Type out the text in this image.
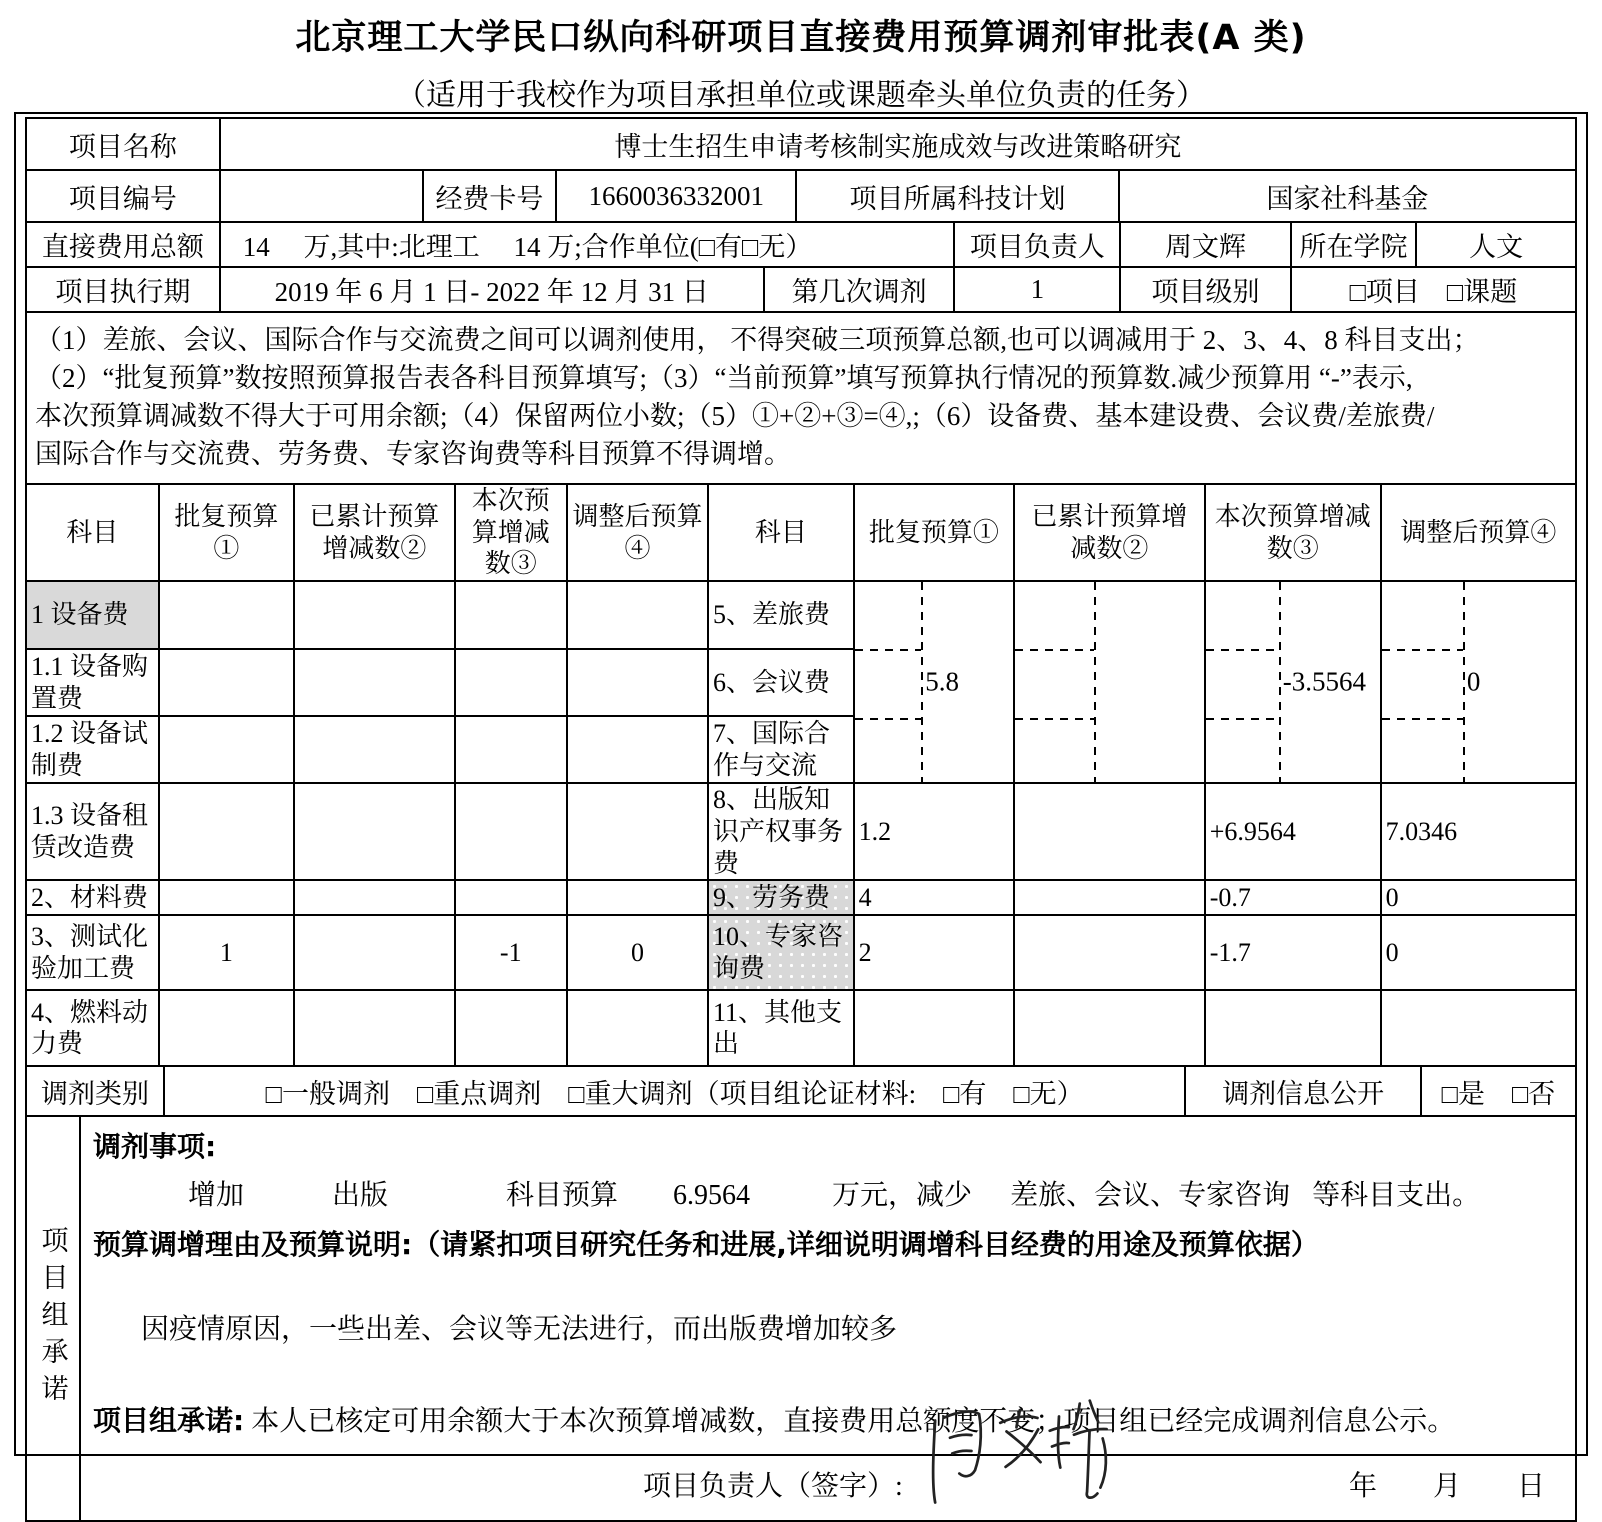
北京理工大学民口纵向科研项目直接费用预算调剂审批表(A 类)
（适用于我校作为项目承担单位或课题牵头单位负责的任务）
项目名称	博士生招生申请考核制实施成效与改进策略研究
项目编号		经费卡号	1660036332001	项目所属科技计划	国家社科基金
直接费用总额	14　 万,其中:北理工　 14 万;合作单位(□有□无）	项目负责人	周文辉	所在学院	人文
项目执行期	2019 年 6 月 1 日- 2022 年 12 月 31 日	第几次调剂	1	项目级别	□项目　□课题
（1）差旅、会议、国际合作与交流费之间可以调剂使用， 不得突破三项预算总额,也可以调减用于 2、3、4、8 科目支出；
（2）“批复预算”数按照预算报告表各科目预算填写;（3）“当前预算”填写预算执行情况的预算数.减少预算用 “-”表示,
本次预算调减数不得大于可用余额;（4）保留两位小数;（5）①+②+③=④,;（6）设备费、基本建设费、会议费/差旅费/
国际合作与交流费、劳务费、专家咨询费等科目预算不得调增。
科目	批复预算①	已累计预算增减数②	本次预算增减数③	调整后预算④	科目	批复预算①	已累计预算增减数②	本次预算增减数③	调整后预算④
1 设备费					5、差旅费	5.8		-3.5564	0

1.1 设备购置费					6、会议费				
1.2 设备试制费					7、国际合作与交流				
1.3 设备租赁改造费					8、出版知识产权事务费	1.2		+6.9564	7.0346
2、材料费					9、劳务费	4		-0.7	0
3、测试化验加工费	1		-1	0	10、专家咨询费	2		-1.7	0
4、燃料动力费					11、其他支出				
调剂类别	□一般调剂　□重点调剂　□重大调剂（项目组论证材料:　□有　□无）	调剂信息公开	□是　□否
项目组承诺
调剂事项:
增加	出版	科目预算 6.9564	万元，减少 差旅、会议、专家咨询 等科目支出。
预算调增理由及预算说明:（请紧扣项目研究任务和进展,详细说明调增科目经费的用途及预算依据）
因疫情原因，一些出差、会议等无法进行，而出版费增加较多
项目组承诺: 本人已核定可用余额大于本次预算增减数，直接费用总额度不变；项目组已经完成调剂信息公示。
项目负责人（签字）:	年　　月　　日
